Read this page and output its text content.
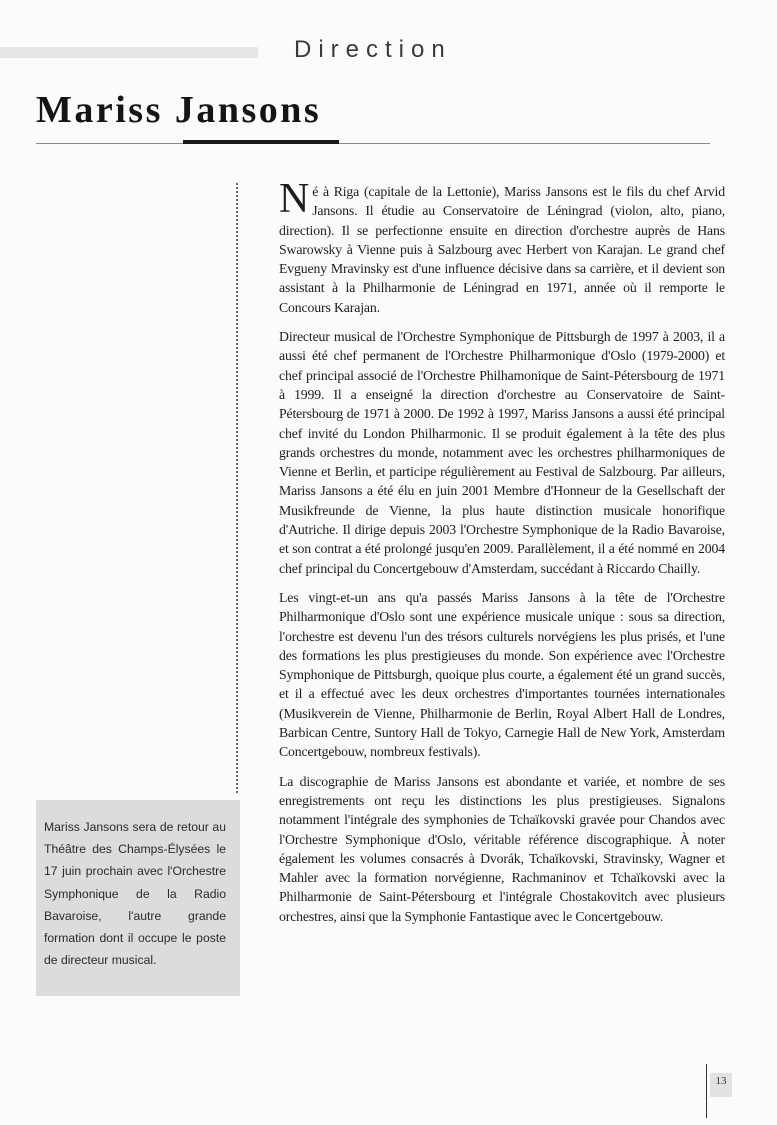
Direction
Mariss Jansons

Mariss Jansons sera de retour au Théâtre des Champs-Élysées le 17 juin prochain avec l'Orchestre Symphonique de la Radio Bavaroise, l'autre grande formation dont il occupe le poste de directeur musical.

Né à Riga (capitale de la Lettonie), Mariss Jansons est le fils du chef Arvid Jansons. Il étudie au Conservatoire de Léningrad (violon, alto, piano, direction). Il se perfectionne ensuite en direction d'orchestre auprès de Hans Swarowsky à Vienne puis à Salzbourg avec Herbert von Karajan. Le grand chef Evgueny Mravinsky est d'une influence décisive dans sa carrière, et il devient son assistant à la Philharmonie de Léningrad en 1971, année où il remporte le Concours Karajan.

Directeur musical de l'Orchestre Symphonique de Pittsburgh de 1997 à 2003, il a aussi été chef permanent de l'Orchestre Philharmonique d'Oslo (1979-2000) et chef principal associé de l'Orchestre Philhamonique de Saint-Pétersbourg de 1971 à 1999. Il a enseigné la direction d'orchestre au Conservatoire de Saint-Pétersbourg de 1971 à 2000. De 1992 à 1997, Mariss Jansons a aussi été principal chef invité du London Philharmonic. Il se produit également à la tête des plus grands orchestres du monde, notamment avec les orchestres philharmoniques de Vienne et Berlin, et participe régulièrement au Festival de Salzbourg. Par ailleurs, Mariss Jansons a été élu en juin 2001 Membre d'Honneur de la Gesellschaft der Musikfreunde de Vienne, la plus haute distinction musicale honorifique d'Autriche. Il dirige depuis 2003 l'Orchestre Symphonique de la Radio Bavaroise, et son contrat a été prolongé jusqu'en 2009. Parallèlement, il a été nommé en 2004 chef principal du Concertgebouw d'Amsterdam, succédant à Riccardo Chailly.

Les vingt-et-un ans qu'a passés Mariss Jansons à la tête de l'Orchestre Philharmonique d'Oslo sont une expérience musicale unique : sous sa direction, l'orchestre est devenu l'un des trésors culturels norvégiens les plus prisés, et l'une des formations les plus prestigieuses du monde. Son expérience avec l'Orchestre Symphonique de Pittsburgh, quoique plus courte, a également été un grand succès, et il a effectué avec les deux orchestres d'importantes tournées internationales (Musikverein de Vienne, Philharmonie de Berlin, Royal Albert Hall de Londres, Barbican Centre, Suntory Hall de Tokyo, Carnegie Hall de New York, Amsterdam Concertgebouw, nombreux festivals).

La discographie de Mariss Jansons est abondante et variée, et nombre de ses enregistrements ont reçu les distinctions les plus prestigieuses. Signalons notamment l'intégrale des symphonies de Tchaïkovski gravée pour Chandos avec l'Orchestre Symphonique d'Oslo, véritable référence discographique. À noter également les volumes consacrés à Dvorák, Tchaïkovski, Stravinsky, Wagner et Mahler avec la formation norvégienne, Rachmaninov et Tchaïkovski avec la Philharmonie de Saint-Pétersbourg et l'intégrale Chostakovitch avec plusieurs orchestres, ainsi que la Symphonie Fantastique avec le Concertgebouw.

13
